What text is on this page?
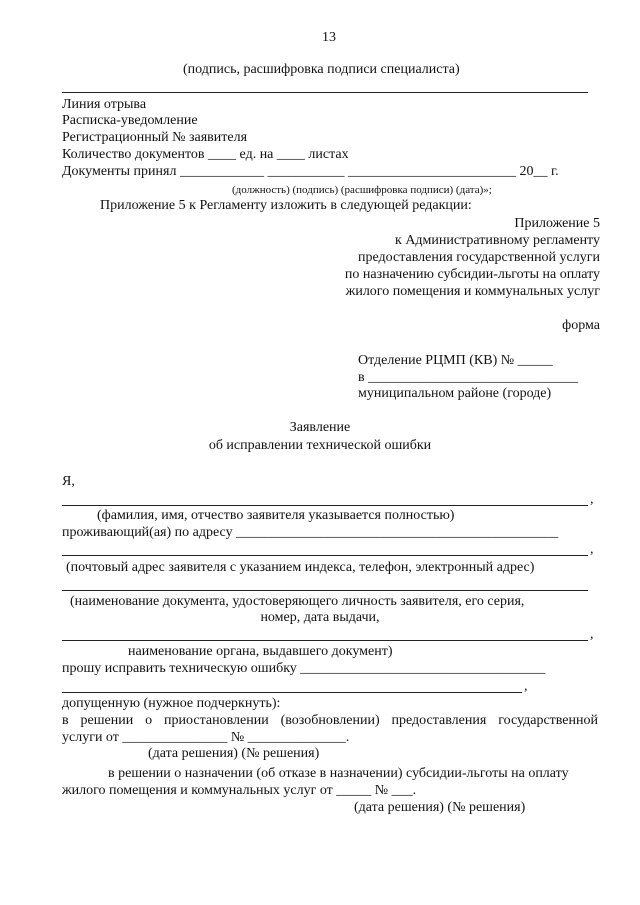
13
(подпись, расшифровка подписи специалиста)
Линия отрыва
Расписка-уведомление
Регистрационный № заявителя
Количество документов ____ ед. на ____ листах
Документы принял ____________ ___________ ________________________ 20__ г.
(должность) (подпись) (расшифровка подписи) (дата)»;
Приложение 5 к Регламенту изложить в следующей редакции:
Приложение 5
к Административному регламенту
предоставления государственной услуги
по назначению субсидии-льготы на оплату
жилого помещения и коммунальных услуг
форма
Отделение РЦМП (КВ) № _____
в ______________________________
муниципальном районе (городе)
Заявление
об исправлении технической ошибки
Я,
,
(фамилия, имя, отчество заявителя указывается полностью)
проживающий(ая) по адресу ______________________________________________
,
(почтовый адрес заявителя с указанием индекса, телефон, электронный адрес)
(наименование документа, удостоверяющего личность заявителя, его серия,
номер, дата выдачи,
,
наименование органа, выдавшего документ)
прошу исправить техническую ошибку ___________________________________
,
допущенную (нужное подчеркнуть):
в решении о приостановлении (возобновлении) предоставления государственной
услуги от _______________ № ______________.
(дата решения) (№ решения)
в решении о назначении (об отказе в назначении) субсидии-льготы на оплату
жилого помещения и коммунальных услуг от _____ № ___.
(дата решения) (№ решения)
